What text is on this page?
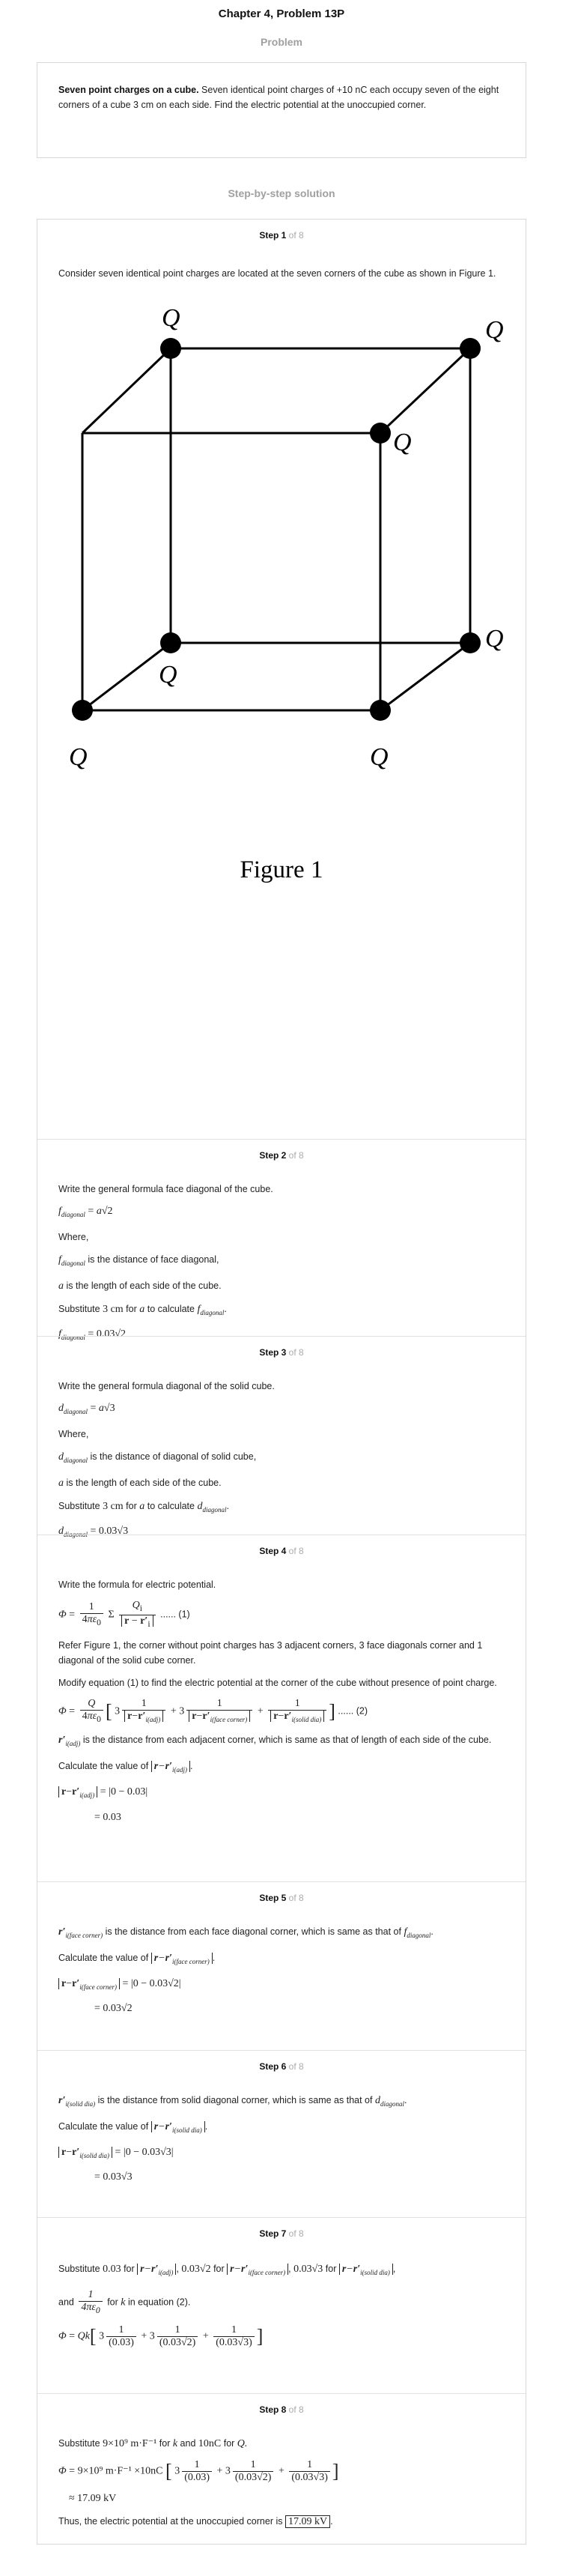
Chapter 4, Problem 13P
Problem
Seven point charges on a cube. Seven identical point charges of +10 nC each occupy seven of the eight corners of a cube 3 cm on each side. Find the electric potential at the unoccupied corner.
Step-by-step solution
Step 1 of 8
Consider seven identical point charges are located at the seven corners of the cube as shown in Figure 1.
Q	Q
Q
Q
Q
Q	Q
Figure 1
Step 2 of 8
Write the general formula face diagonal of the cube.
$f_{diagonal} = a√2$
Where,
$f_{diagonal}$ is the distance of face diagonal,
a is the length of each side of the cube.
Substitute 3 cm for a to calculate $f_{diagonal}$.
$f_{diagonal} = 0.03√2$
Step 3 of 8
Write the general formula diagonal of the solid cube.
$d_{diagonal} = a√3$
Where,
$d_{diagonal}$ is the distance of diagonal of solid cube,
a is the length of each side of the cube.
Substitute 3 cm for a to calculate $d_{diagonal}$.
$d_{diagonal} = 0.03√3$
Step 4 of 8
Write the formula for electric potential.
$\Phi = \frac{1}{4\pi\varepsilon_0}$ Σ $\frac{Q_i}{r - r'_i}$ ...... (1)
Refer Figure 1, the corner without point charges has 3 adjacent corners, 3 face diagonals corner and 1 diagonal of the solid cube corner.
Modify equation (1) to find the electric potential at the corner of the cube without presence of point charge.
$\Phi = \frac{Q}{4\pi\varepsilon_0}$ [ $3 \frac{1}{r-r'_{i(adj)}} + 3 \frac{1}{r-r'_{i(face corner)}} + \frac{1}{r-r'_{i(solid dia)}}$ ] ...... (2)
$r'_{i(adj)}$ is the distance from each adjacent corner, which is same as that of length of each side of the cube.
Calculate the value of $r-r'_{i(adj)}$ .
$r-r'_{i(adj)} = |0 - 0.03|$
= 0.03
Step 5 of 8
$r'_{i(face corner)}$ is the distance from each face diagonal corner, which is same as that of $f_{diagonal}$.
Calculate the value of $r-r'_{i(face corner)}$ .
$r-r'_{i(face corner)} = |0 - 0.03√2|$
= 0.03√2
Step 6 of 8
$r'_{i(solid dia)}$ is the distance from solid diagonal corner, which is same as that of $d_{diagonal}$.
Calculate the value of $r-r'_{i(solid dia)}$ .
$r-r'_{i(solid dia)} = |0 - 0.03√3|$
= 0.03√3
Step 7 of 8
Substitute 0.03 for $r-r'_{i(adj)}$ , 0.03√2 for $r-r'_{i(face corner)}$ , 0.03√3 for $r-r'_{i(solid dia)}$ ,
and $\frac{1}{4\pi\varepsilon_0}$ for k in equation (2).
Φ = Qk[ $3 \frac{1}{(0.03)} + 3 \frac{1}{(0.03√2)} + \frac{1}{(0.03√3)}$ ]
Step 8 of 8
Substitute 9×10⁹ m·F⁻¹ for k and 10nC for Q.
Φ = 9×10⁹ m·F⁻¹ ×10nC [ $3 \frac{1}{(0.03)} + 3 \frac{1}{(0.03√2)} + \frac{1}{(0.03√3)}$ ]
≈ 17.09 kV
Thus, the electric potential at the unoccupied corner is 17.09 kV .
